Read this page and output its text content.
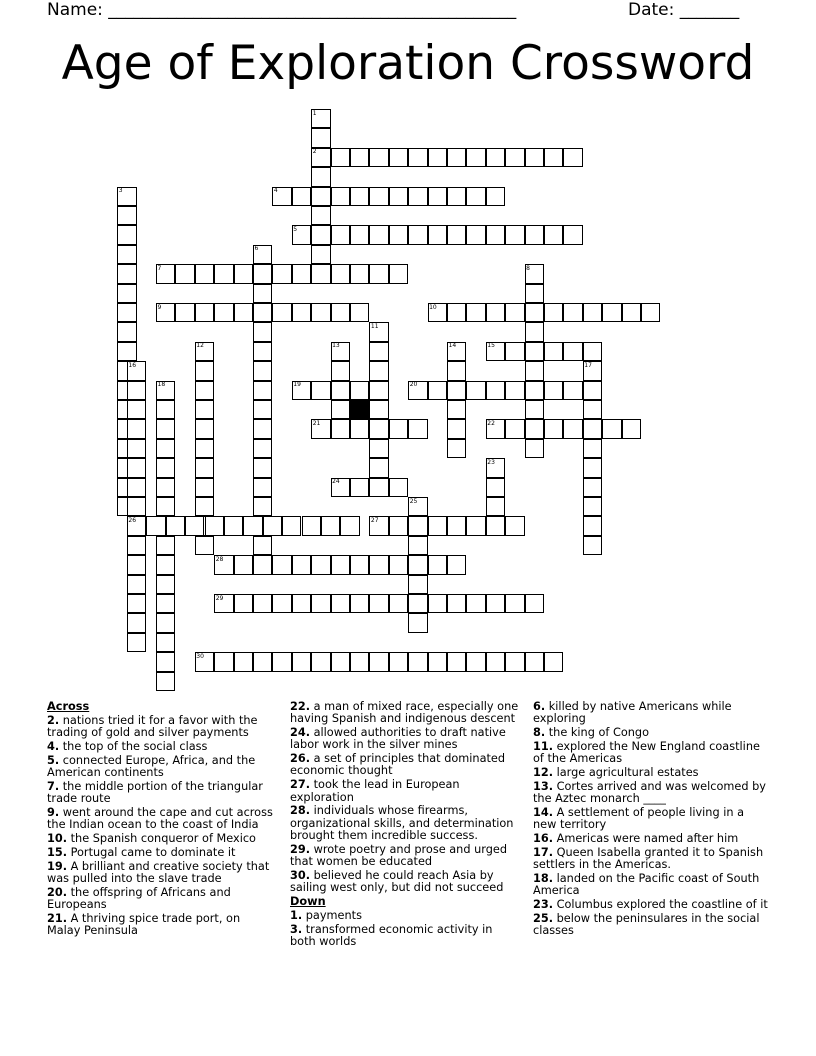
Name: ________________________________________________	Date: _______
Age of Exploration Crossword
1
2
3	4
5
6
7	8
9	10
11
12	13	14	15
16	17
18	19	20
21	22
23
24
25
26	27
28
29
30
Across
2. nations tried it for a favor with the trading of gold and silver payments
4. the top of the social class
5. connected Europe, Africa, and the American continents
7. the middle portion of the triangular trade route
9. went around the cape and cut across the Indian ocean to the coast of India
10. the Spanish conqueror of Mexico
15. Portugal came to dominate it
19. A brilliant and creative society that was pulled into the slave trade
20. the offspring of Africans and Europeans
21. A thriving spice trade port, on Malay Peninsula
22. a man of mixed race, especially one having Spanish and indigenous descent
24. allowed authorities to draft native labor work in the silver mines
26. a set of principles that dominated economic thought
27. took the lead in European exploration
28. individuals whose firearms, organizational skills, and determination brought them incredible success.
29. wrote poetry and prose and urged that women be educated
30. believed he could reach Asia by sailing west only, but did not succeed
Down
1. payments
3. transformed economic activity in both worlds
6. killed by native Americans while exploring
8. the king of Congo
11. explored the New England coastline of the Americas
12. large agricultural estates
13. Cortes arrived and was welcomed by the Aztec monarch ____
14. A settlement of people living in a new territory
16. Americas were named after him
17. Queen Isabella granted it to Spanish settlers in the Americas.
18. landed on the Pacific coast of South America
23. Columbus explored the coastline of it
25. below the peninsulares in the social classes
